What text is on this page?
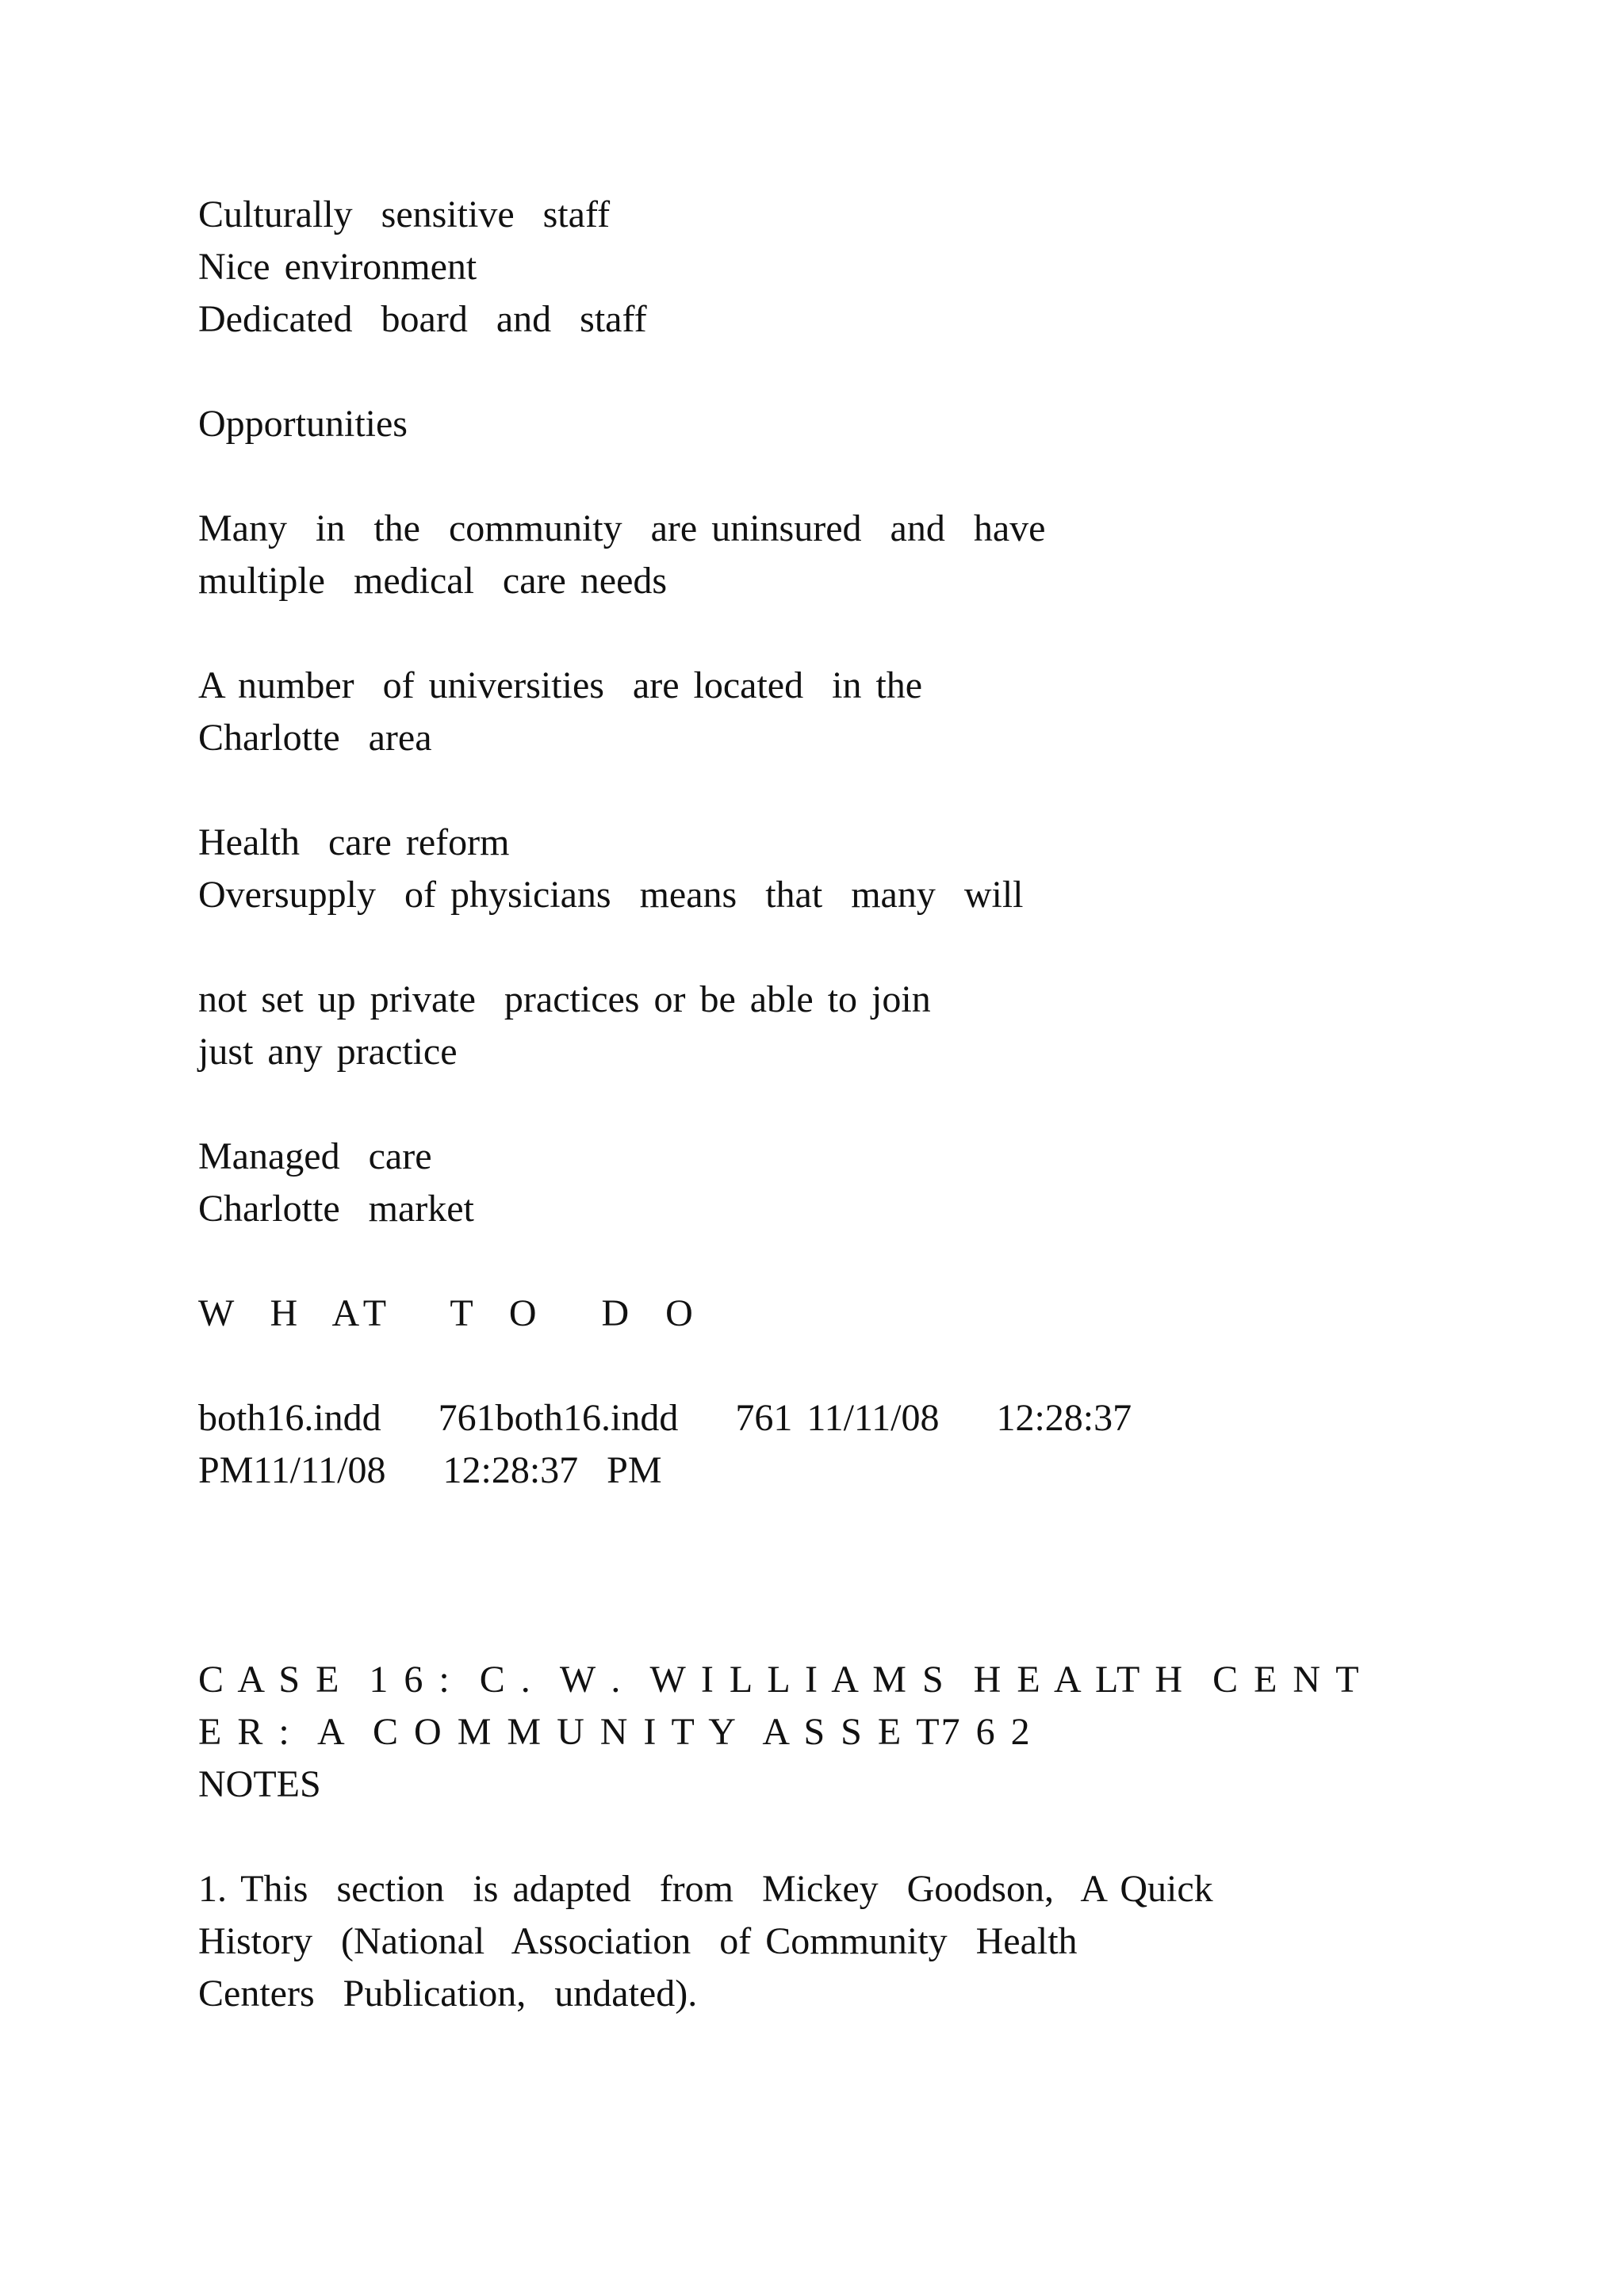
Culturally  sensitive  staff
Nice environment
Dedicated  board  and  staff
Opportunities
Many  in  the  community  are uninsured  and  have
multiple  medical  care needs
A number  of universities  are located  in the
Charlotte  area
Health  care reform
Oversupply  of physicians  means  that  many  will
not set up private  practices or be able to join
just any practice
Managed  care
Charlotte  market
W H AT  T O  D O
both16.indd    761both16.indd    761 11/11/08    12:28:37
PM11/11/08    12:28:37  PM
C A S E  1 6 :  C .  W .  W I L L I A M S  H E A LT H  C E N T
E R :  A  C O M M U N I T Y  A S S E T7 6 2
NOTES
1. This  section  is adapted  from  Mickey  Goodson,  A Quick
History  (National  Association  of Community  Health
Centers  Publication,  undated).
